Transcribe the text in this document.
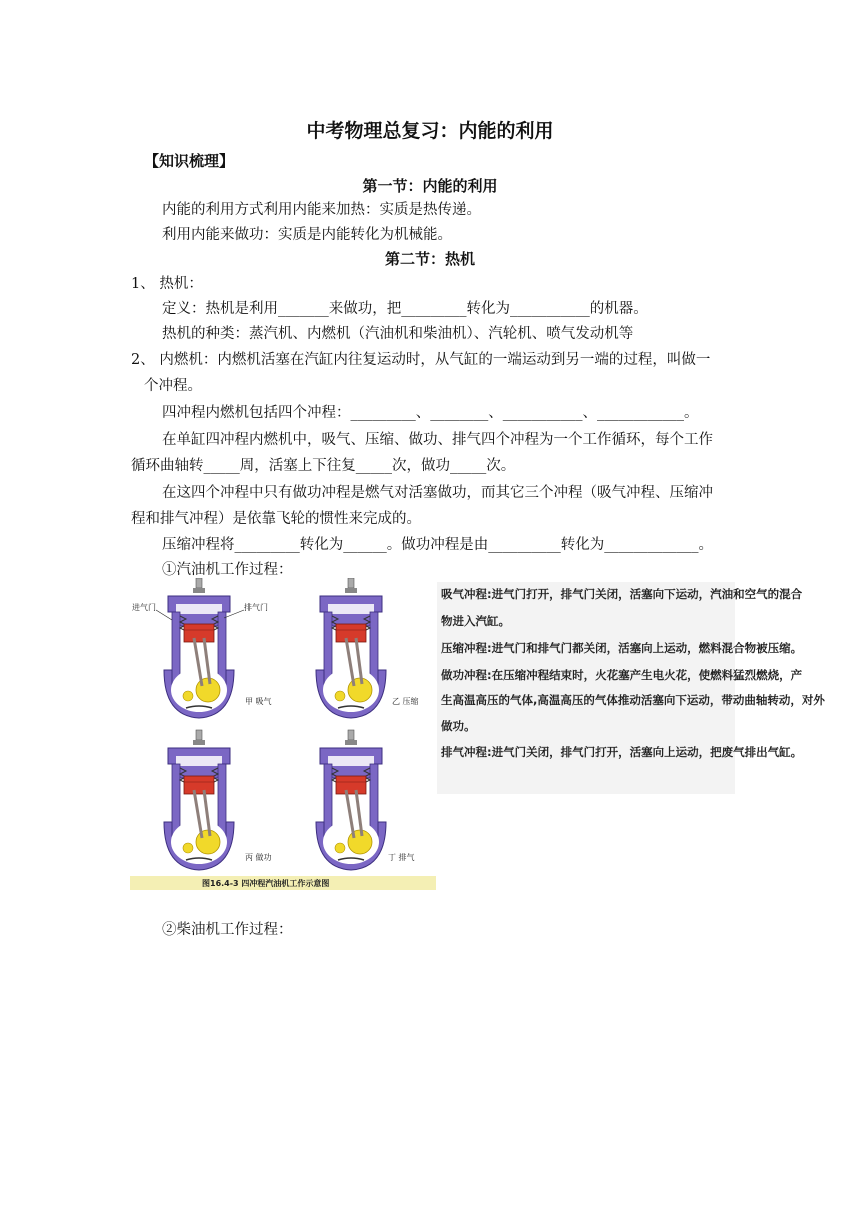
中考物理总复习：内能的利用
【知识梳理】
第一节：内能的利用
内能的利用方式利用内能来加热：实质是热传递。
利用内能来做功：实质是内能转化为机械能。
第二节：热机
1、 热机：
定义：热机是利用_______来做功，把_________转化为___________的机器。
热机的种类：蒸汽机、内燃机（汽油机和柴油机）、汽轮机、喷气发动机等
2、 内燃机：内燃机活塞在汽缸内往复运动时，从气缸的一端运动到另一端的过程，叫做一
个冲程。
四冲程内燃机包括四个冲程：_________、________、___________、____________。
在单缸四冲程内燃机中，吸气、压缩、做功、排气四个冲程为一个工作循环，每个工作
循环曲轴转_____周，活塞上下往复_____次，做功_____次。
在这四个冲程中只有做功冲程是燃气对活塞做功，而其它三个冲程（吸气冲程、压缩冲
程和排气冲程）是依靠飞轮的惯性来完成的。
压缩冲程将_________转化为______。做功冲程是由__________转化为_____________。
①汽油机工作过程：
进气门	排气门
甲 吸气	乙 压缩
丙 做功	丁 排气
图16.4-3 四冲程汽油机工作示意图
吸气冲程:进气门打开，排气门关闭，活塞向下运动，汽油和空气的混合
物进入汽缸。
压缩冲程:进气门和排气门都关闭，活塞向上运动，燃料混合物被压缩。
做功冲程:在压缩冲程结束时，火花塞产生电火花，使燃料猛烈燃烧，产
生高温高压的气体,高温高压的气体推动活塞向下运动，带动曲轴转动，对外
做功。
排气冲程:进气门关闭，排气门打开，活塞向上运动，把废气排出气缸。
②柴油机工作过程：
